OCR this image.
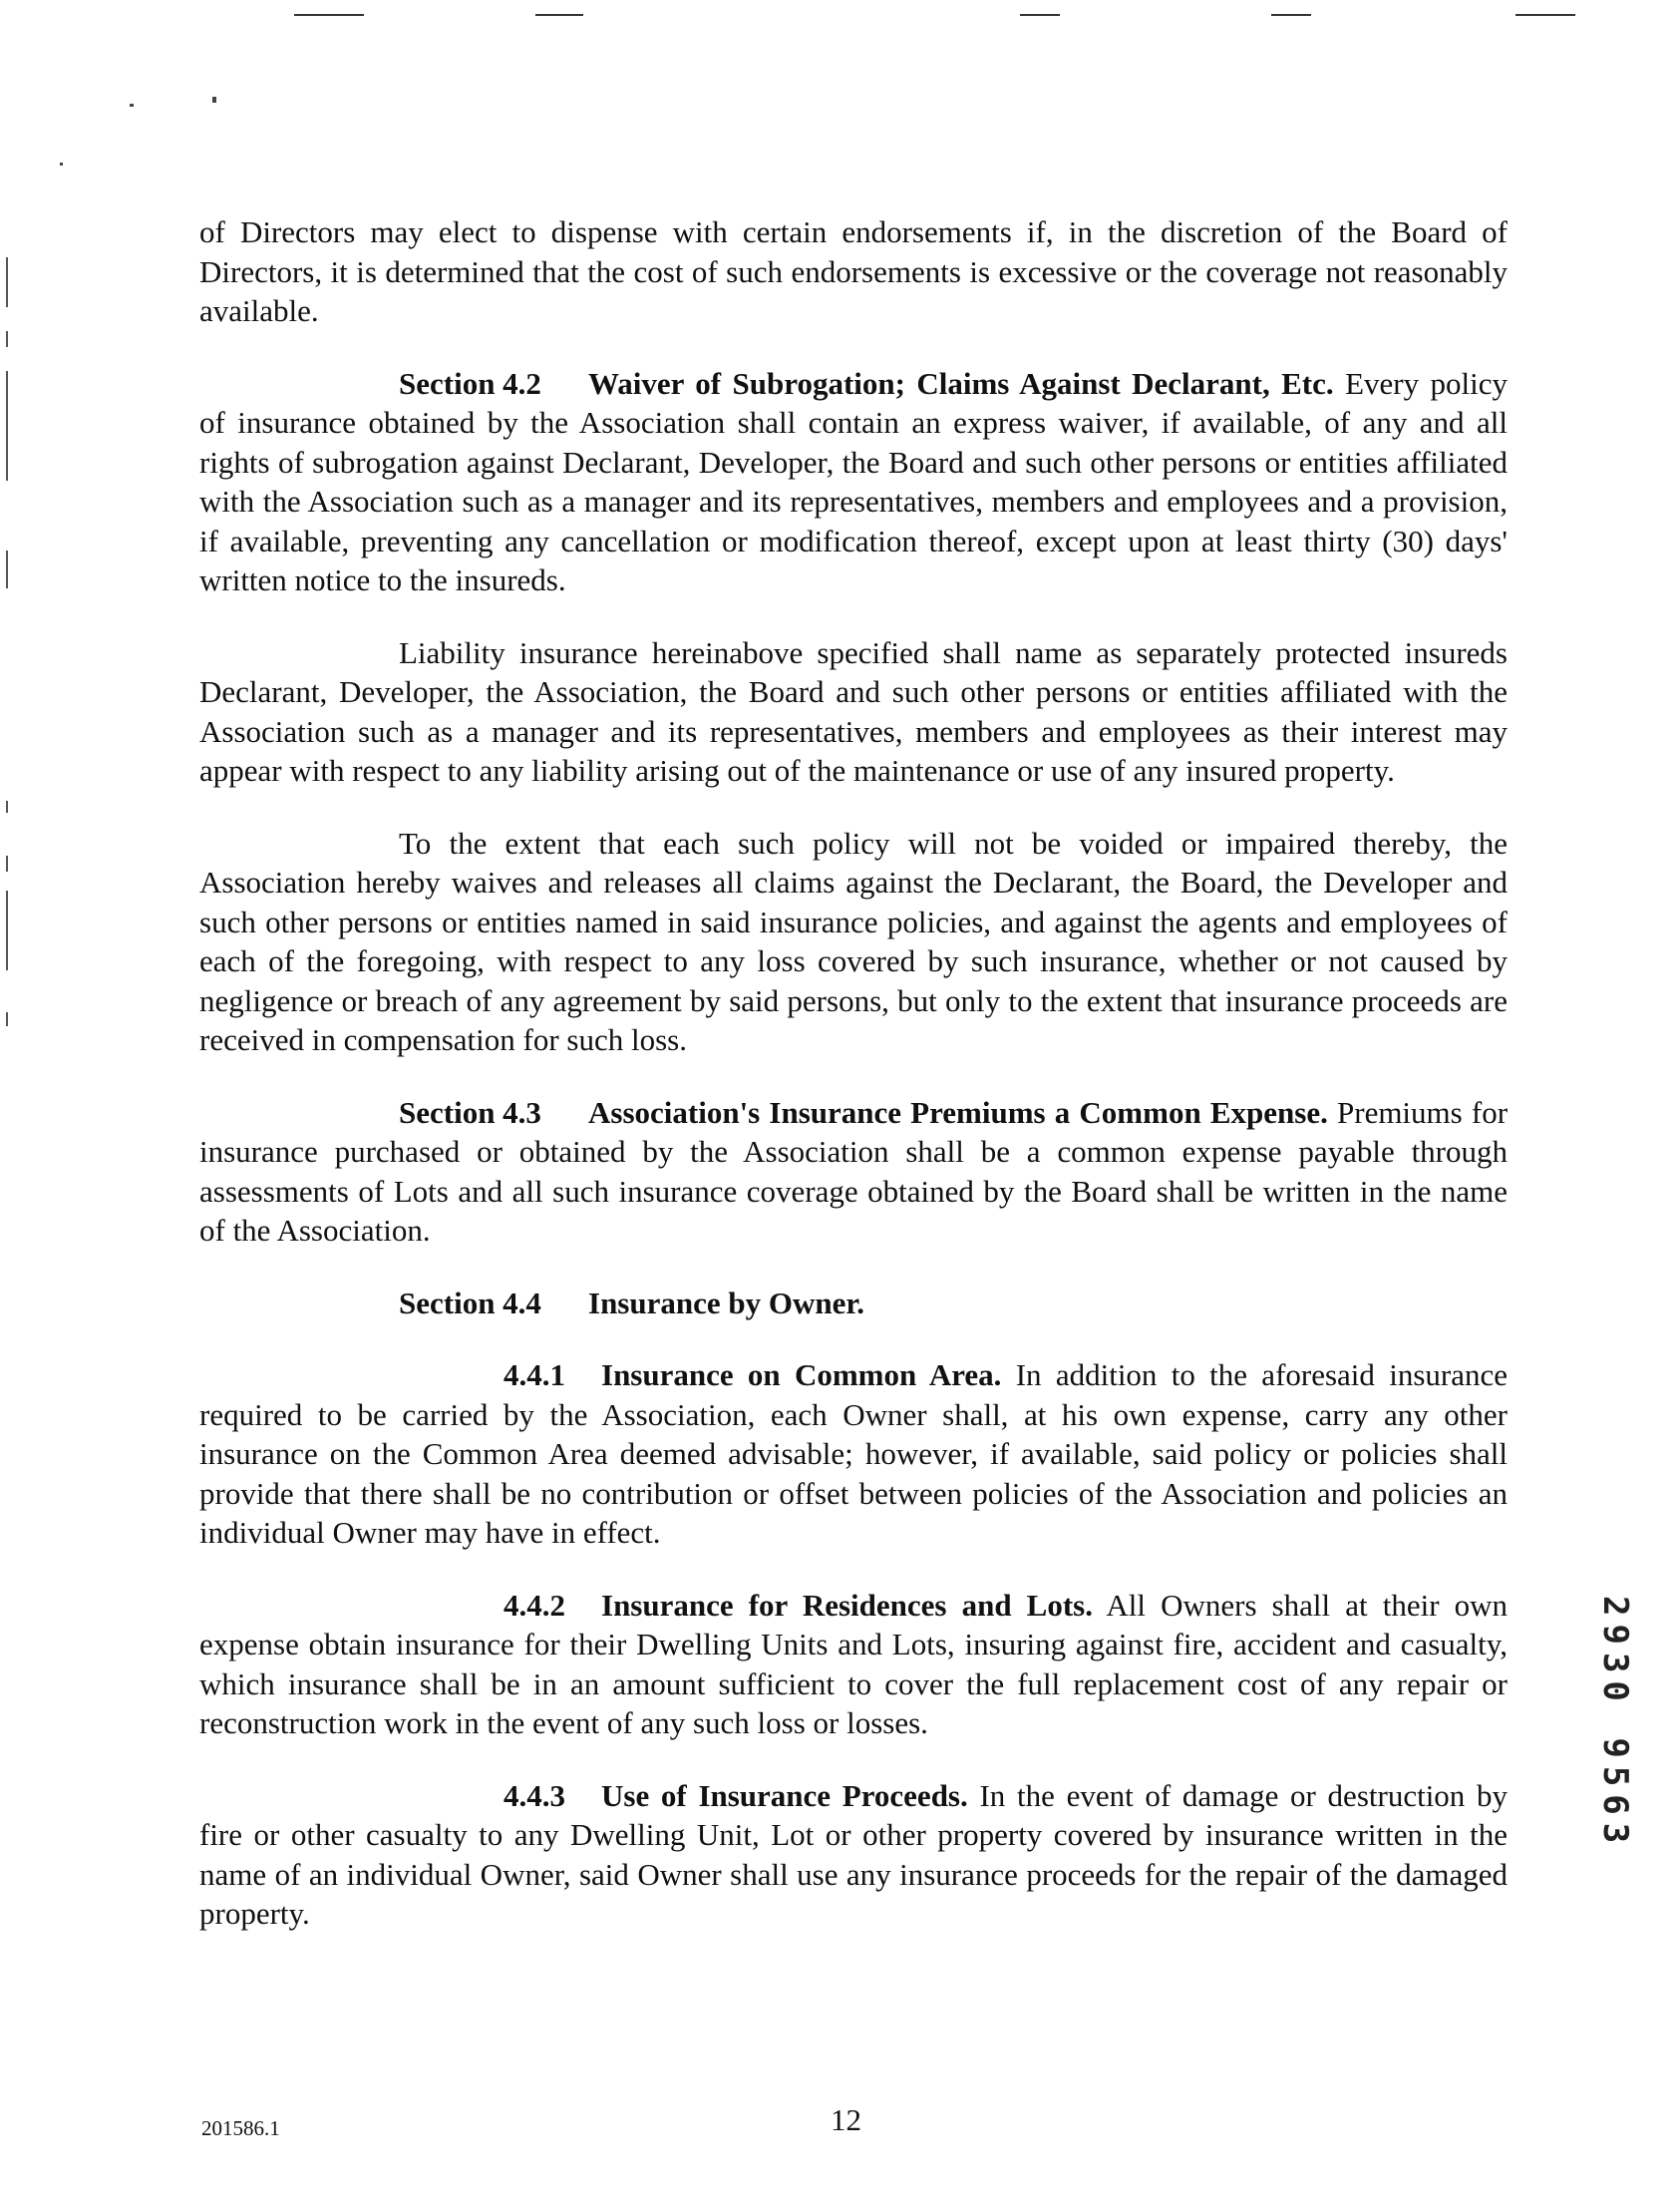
of Directors may elect to dispense with certain endorsements if, in the discretion of the Board of Directors, it is determined that the cost of such endorsements is excessive or the coverage not reasonably available.

Section 4.2 Waiver of Subrogation; Claims Against Declarant, Etc. Every policy of insurance obtained by the Association shall contain an express waiver, if available, of any and all rights of subrogation against Declarant, Developer, the Board and such other persons or entities affiliated with the Association such as a manager and its representatives, members and employees and a provision, if available, preventing any cancellation or modification thereof, except upon at least thirty (30) days' written notice to the insureds.

Liability insurance hereinabove specified shall name as separately protected insureds Declarant, Developer, the Association, the Board and such other persons or entities affiliated with the Association such as a manager and its representatives, members and employees as their interest may appear with respect to any liability arising out of the maintenance or use of any insured property.

To the extent that each such policy will not be voided or impaired thereby, the Association hereby waives and releases all claims against the Declarant, the Board, the Developer and such other persons or entities named in said insurance policies, and against the agents and employees of each of the foregoing, with respect to any loss covered by such insurance, whether or not caused by negligence or breach of any agreement by said persons, but only to the extent that insurance proceeds are received in compensation for such loss.

Section 4.3 Association's Insurance Premiums a Common Expense. Premiums for insurance purchased or obtained by the Association shall be a common expense payable through assessments of Lots and all such insurance coverage obtained by the Board shall be written in the name of the Association.

Section 4.4 Insurance by Owner.

4.4.1 Insurance on Common Area. In addition to the aforesaid insurance required to be carried by the Association, each Owner shall, at his own expense, carry any other insurance on the Common Area deemed advisable; however, if available, said policy or policies shall provide that there shall be no contribution or offset between policies of the Association and policies an individual Owner may have in effect.

4.4.2 Insurance for Residences and Lots. All Owners shall at their own expense obtain insurance for their Dwelling Units and Lots, insuring against fire, accident and casualty, which insurance shall be in an amount sufficient to cover the full replacement cost of any repair or reconstruction work in the event of any such loss or losses.

4.4.3 Use of Insurance Proceeds. In the event of damage or destruction by fire or other casualty to any Dwelling Unit, Lot or other property covered by insurance written in the name of an individual Owner, said Owner shall use any insurance proceeds for the repair of the damaged property.

2930 9563
201586.1	12
